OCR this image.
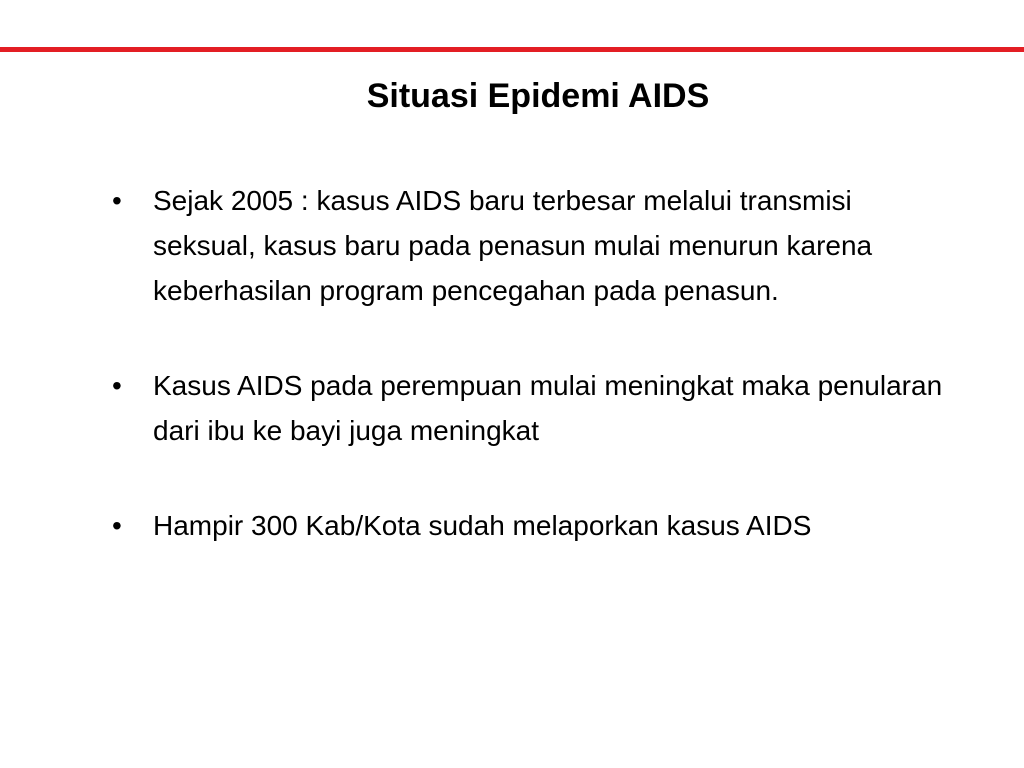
Situasi Epidemi AIDS
•	Sejak 2005 : kasus AIDS baru terbesar melalui transmisi seksual, kasus baru pada penasun mulai menurun karena keberhasilan program pencegahan pada penasun.
•	Kasus AIDS pada perempuan mulai meningkat maka penularan dari ibu ke bayi juga meningkat
•	Hampir 300 Kab/Kota sudah melaporkan kasus AIDS
